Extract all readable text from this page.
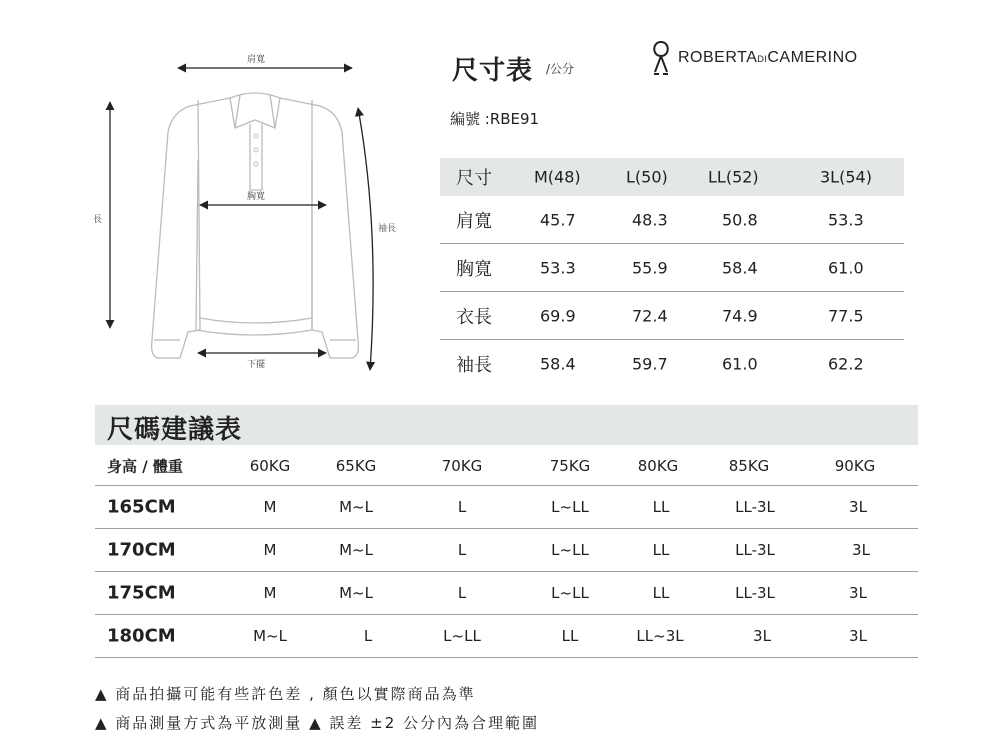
肩寬
胸寬
長
袖長
下擺
尺寸表 /公分
編號 :RBE91
ROBERTADICAMERINO
尺寸	M(48)	L(50)	LL(52)	3L(54)
肩寬	45.7	48.3	50.8	53.3
胸寬	53.3	55.9	58.4	61.0
衣長	69.9	72.4	74.9	77.5
袖長	58.4	59.7	61.0	62.2
尺碼建議表
身高 / 體重	60KG	65KG	70KG	75KG	80KG	85KG	90KG
165CM	M	M~L	L	L~LL	LL	LL-3L	3L
170CM	M	M~L	L	L~LL	LL	LL-3L	3L
175CM	M	M~L	L	L~LL	LL	LL-3L	3L
180CM	M~L	L	L~LL	LL	LL~3L	3L	3L
▲ 商品拍攝可能有些許色差 , 顏色以實際商品為準
▲ 商品測量方式為平放測量 ▲ 誤差 ±2 公分內為合理範圍
